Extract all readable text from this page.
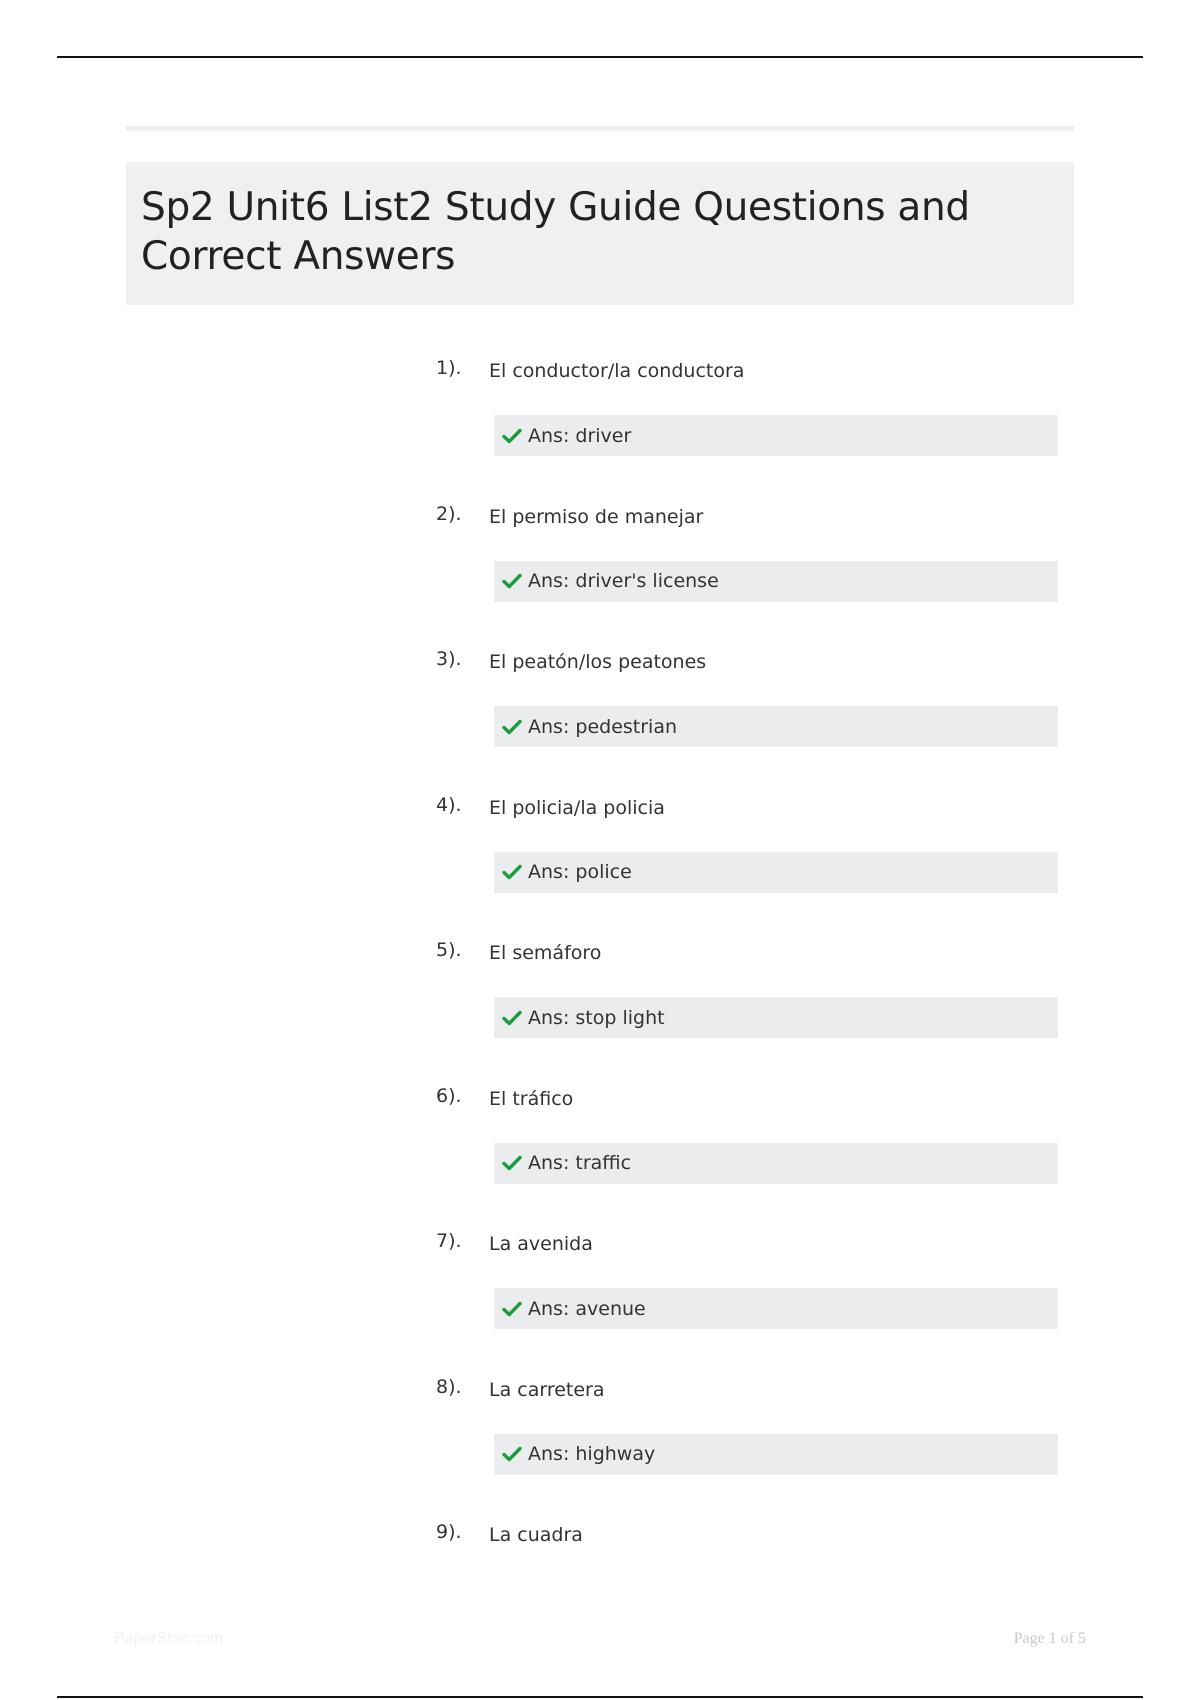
Sp2 Unit6 List2 Study Guide Questions and Correct Answers
1). El conductor/la conductora
Ans: driver
2). El permiso de manejar
Ans: driver's license
3). El peatón/los peatones
Ans: pedestrian
4). El policia/la policia
Ans: police
5). El semáforo
Ans: stop light
6). El tráfico
Ans: traffic
7). La avenida
Ans: avenue
8). La carretera
Ans: highway
9). La cuadra
PaperStoc.com	Page 1 of 5
